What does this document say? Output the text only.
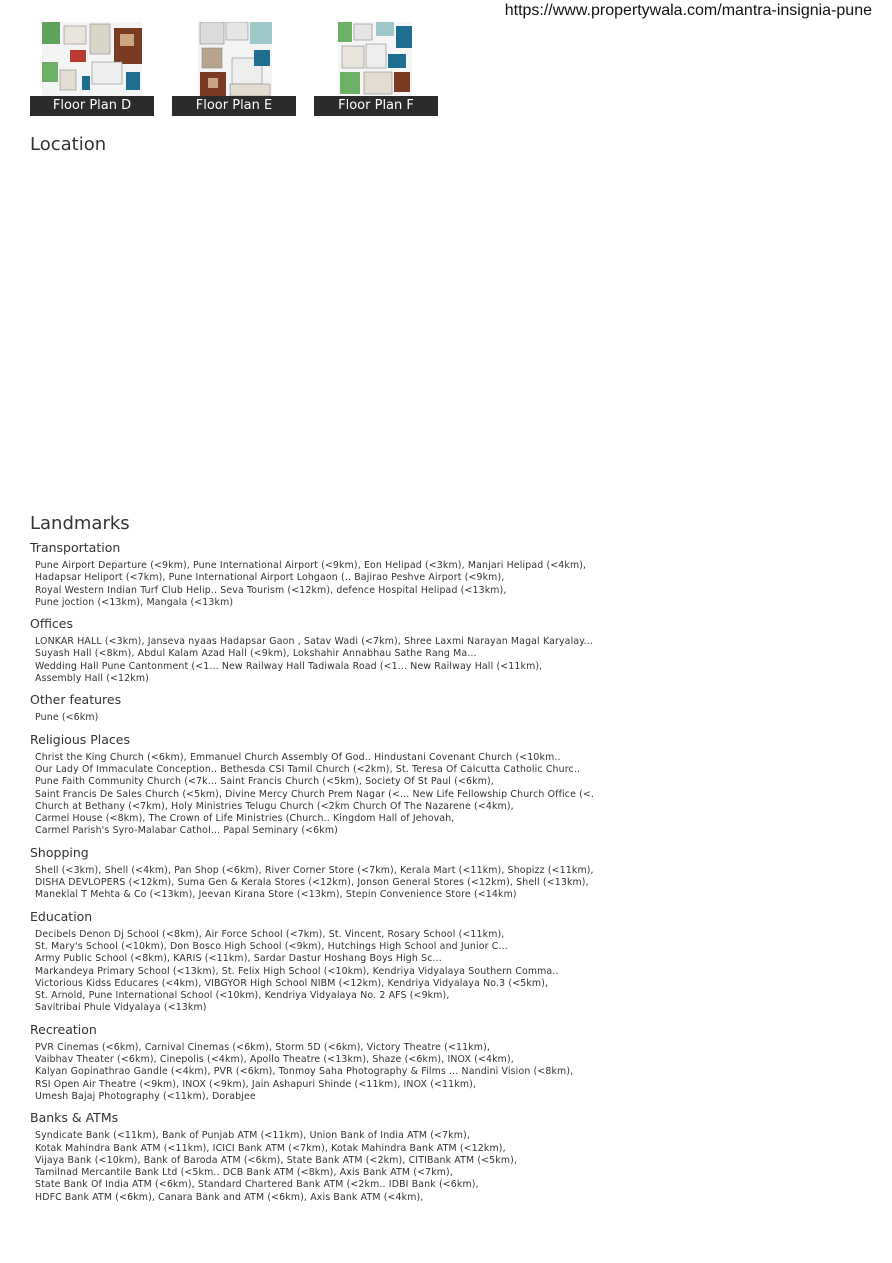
https://www.propertywala.com/mantra-insignia-pune
Floor Plan D	Floor Plan E	Floor Plan F
Location
Landmarks
Transportation
Pune Airport Departure (<9km), Pune International Airport (<9km), Eon Helipad (<3km), Manjari Helipad (<4km),
Hadapsar Heliport (<7km), Pune International Airport Lohgaon (.. Bajirao Peshve Airport (<9km),
Royal Western Indian Turf Club Helip.. Seva Tourism (<12km), defence Hospital Helipad (<13km),
Pune joction (<13km), Mangala (<13km)
Offices
LONKAR HALL (<3km), Janseva nyaas Hadapsar Gaon , Satav Wadi (<7km), Shree Laxmi Narayan Magal Karyalay...
Suyash Hall (<8km), Abdul Kalam Azad Hall (<9km), Lokshahir Annabhau Sathe Rang Ma...
Wedding Hall Pune Cantonment (<1... New Railway Hall Tadiwala Road (<1... New Railway Hall (<11km),
Assembly Hall (<12km)
Other features
Pune (<6km)
Religious Places
Christ the King Church (<6km), Emmanuel Church Assembly Of God.. Hindustani Covenant Church (<10km..
Our Lady Of Immaculate Conception.. Bethesda CSI Tamil Church (<2km), St. Teresa Of Calcutta Catholic Churc..
Pune Faith Community Church (<7k... Saint Francis Church (<5km), Society Of St Paul (<6km),
Saint Francis De Sales Church (<5km), Divine Mercy Church Prem Nagar (<... New Life Fellowship Church Office (<.
Church at Bethany (<7km), Holy Ministries Telugu Church (<2km Church Of The Nazarene (<4km),
Carmel House (<8km), The Crown of Life Ministries (Church.. Kingdom Hall of Jehovah,
Carmel Parish's Syro-Malabar Cathol... Papal Seminary (<6km)
Shopping
Shell (<3km), Shell (<4km), Pan Shop (<6km), River Corner Store (<7km), Kerala Mart (<11km), Shopizz (<11km),
DISHA DEVLOPERS (<12km), Suma Gen & Kerala Stores (<12km), Jonson General Stores (<12km), Shell (<13km),
Maneklal T Mehta & Co (<13km), Jeevan Kirana Store (<13km), Stepin Convenience Store (<14km)
Education
Decibels Denon Dj School (<8km), Air Force School (<7km), St. Vincent, Rosary School (<11km),
St. Mary's School (<10km), Don Bosco High School (<9km), Hutchings High School and Junior C...
Army Public School (<8km), KARIS (<11km), Sardar Dastur Hoshang Boys High Sc...
Markandeya Primary School (<13km), St. Felix High School (<10km), Kendriya Vidyalaya Southern Comma..
Victorious Kidss Educares (<4km), VIBGYOR High School NIBM (<12km), Kendriya Vidyalaya No.3 (<5km),
St. Arnold, Pune International School (<10km), Kendriya Vidyalaya No. 2 AFS (<9km),
Savitribai Phule Vidyalaya (<13km)
Recreation
PVR Cinemas (<6km), Carnival Cinemas (<6km), Storm 5D (<6km), Victory Theatre (<11km),
Vaibhav Theater (<6km), Cinepolis (<4km), Apollo Theatre (<13km), Shaze (<6km), INOX (<4km),
Kalyan Gopinathrao Gandle (<4km), PVR (<6km), Tonmoy Saha Photography & Films ... Nandini Vision (<8km),
RSI Open Air Theatre (<9km), INOX (<9km), Jain Ashapuri Shinde (<11km), INOX (<11km),
Umesh Bajaj Photography (<11km), Dorabjee
Banks & ATMs
Syndicate Bank (<11km), Bank of Punjab ATM (<11km), Union Bank of India ATM (<7km),
Kotak Mahindra Bank ATM (<11km), ICICI Bank ATM (<7km), Kotak Mahindra Bank ATM (<12km),
Vijaya Bank (<10km), Bank of Baroda ATM (<6km), State Bank ATM (<2km), CITIBank ATM (<5km),
Tamilnad Mercantile Bank Ltd (<5km.. DCB Bank ATM (<8km), Axis Bank ATM (<7km),
State Bank Of India ATM (<6km), Standard Chartered Bank ATM (<2km.. IDBI Bank (<6km),
HDFC Bank ATM (<6km), Canara Bank and ATM (<6km), Axis Bank ATM (<4km),
